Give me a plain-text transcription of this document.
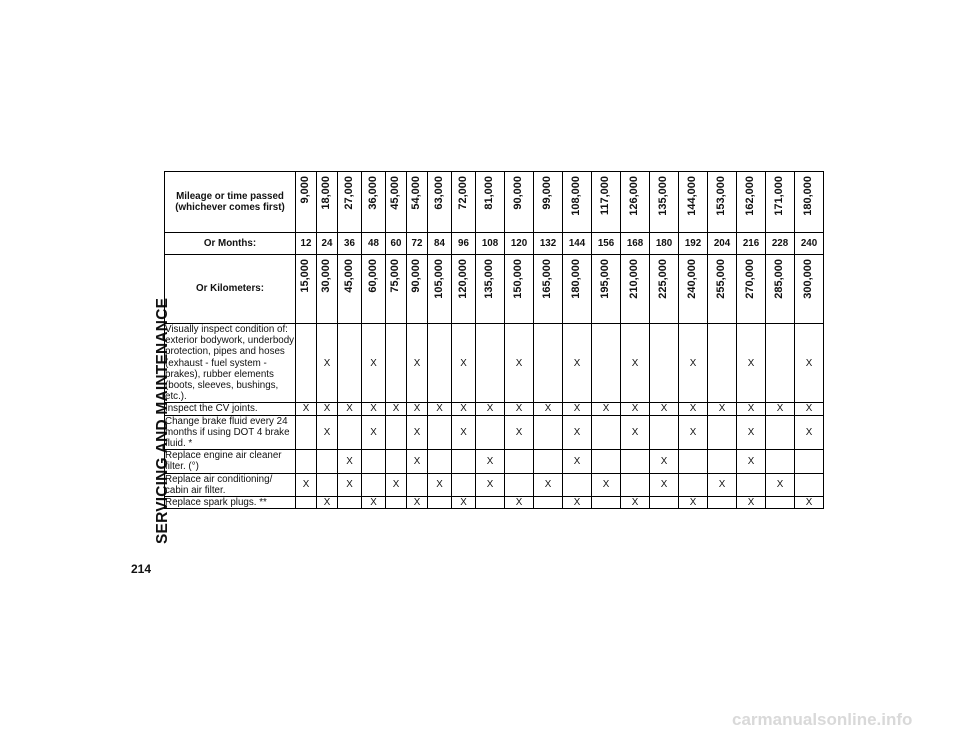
SERVICING AND MAINTENANCE
214
carmanualsonline.info
Mileage or time passed (whichever comes first)	9,000	18,000	27,000	36,000	45,000	54,000	63,000	72,000	81,000	90,000	99,000	108,000	117,000	126,000	135,000	144,000	153,000	162,000	171,000	180,000

Or Months:	12	24	36	48	60	72	84	96	108	120	132	144	156	168	180	192	204	216	228	240
Or Kilometers:	15,000	30,000	45,000	60,000	75,000	90,000	105,000	120,000	135,000	150,000	165,000	180,000	195,000	210,000	225,000	240,000	255,000	270,000	285,000	300,000

Visually inspect condition of: exterior bodywork, underbody protection, pipes and hoses (exhaust - fuel system - brakes), rubber elements (boots, sleeves, bushings, etc.).		X		X		X		X		X		X		X		X		X		X
Inspect the CV joints.	X	X	X	X	X	X	X	X	X	X	X	X	X	X	X	X	X	X	X	X
Change brake fluid every 24 months if using DOT 4 brake fluid. *		X		X		X		X		X		X		X		X		X		X
Replace engine air cleaner filter. (°)			X			X			X			X			X			X		
Replace air conditioning/ cabin air filter.	X		X		X		X		X		X		X		X		X		X	
Replace spark plugs. **		X		X		X		X		X		X		X		X		X		X
